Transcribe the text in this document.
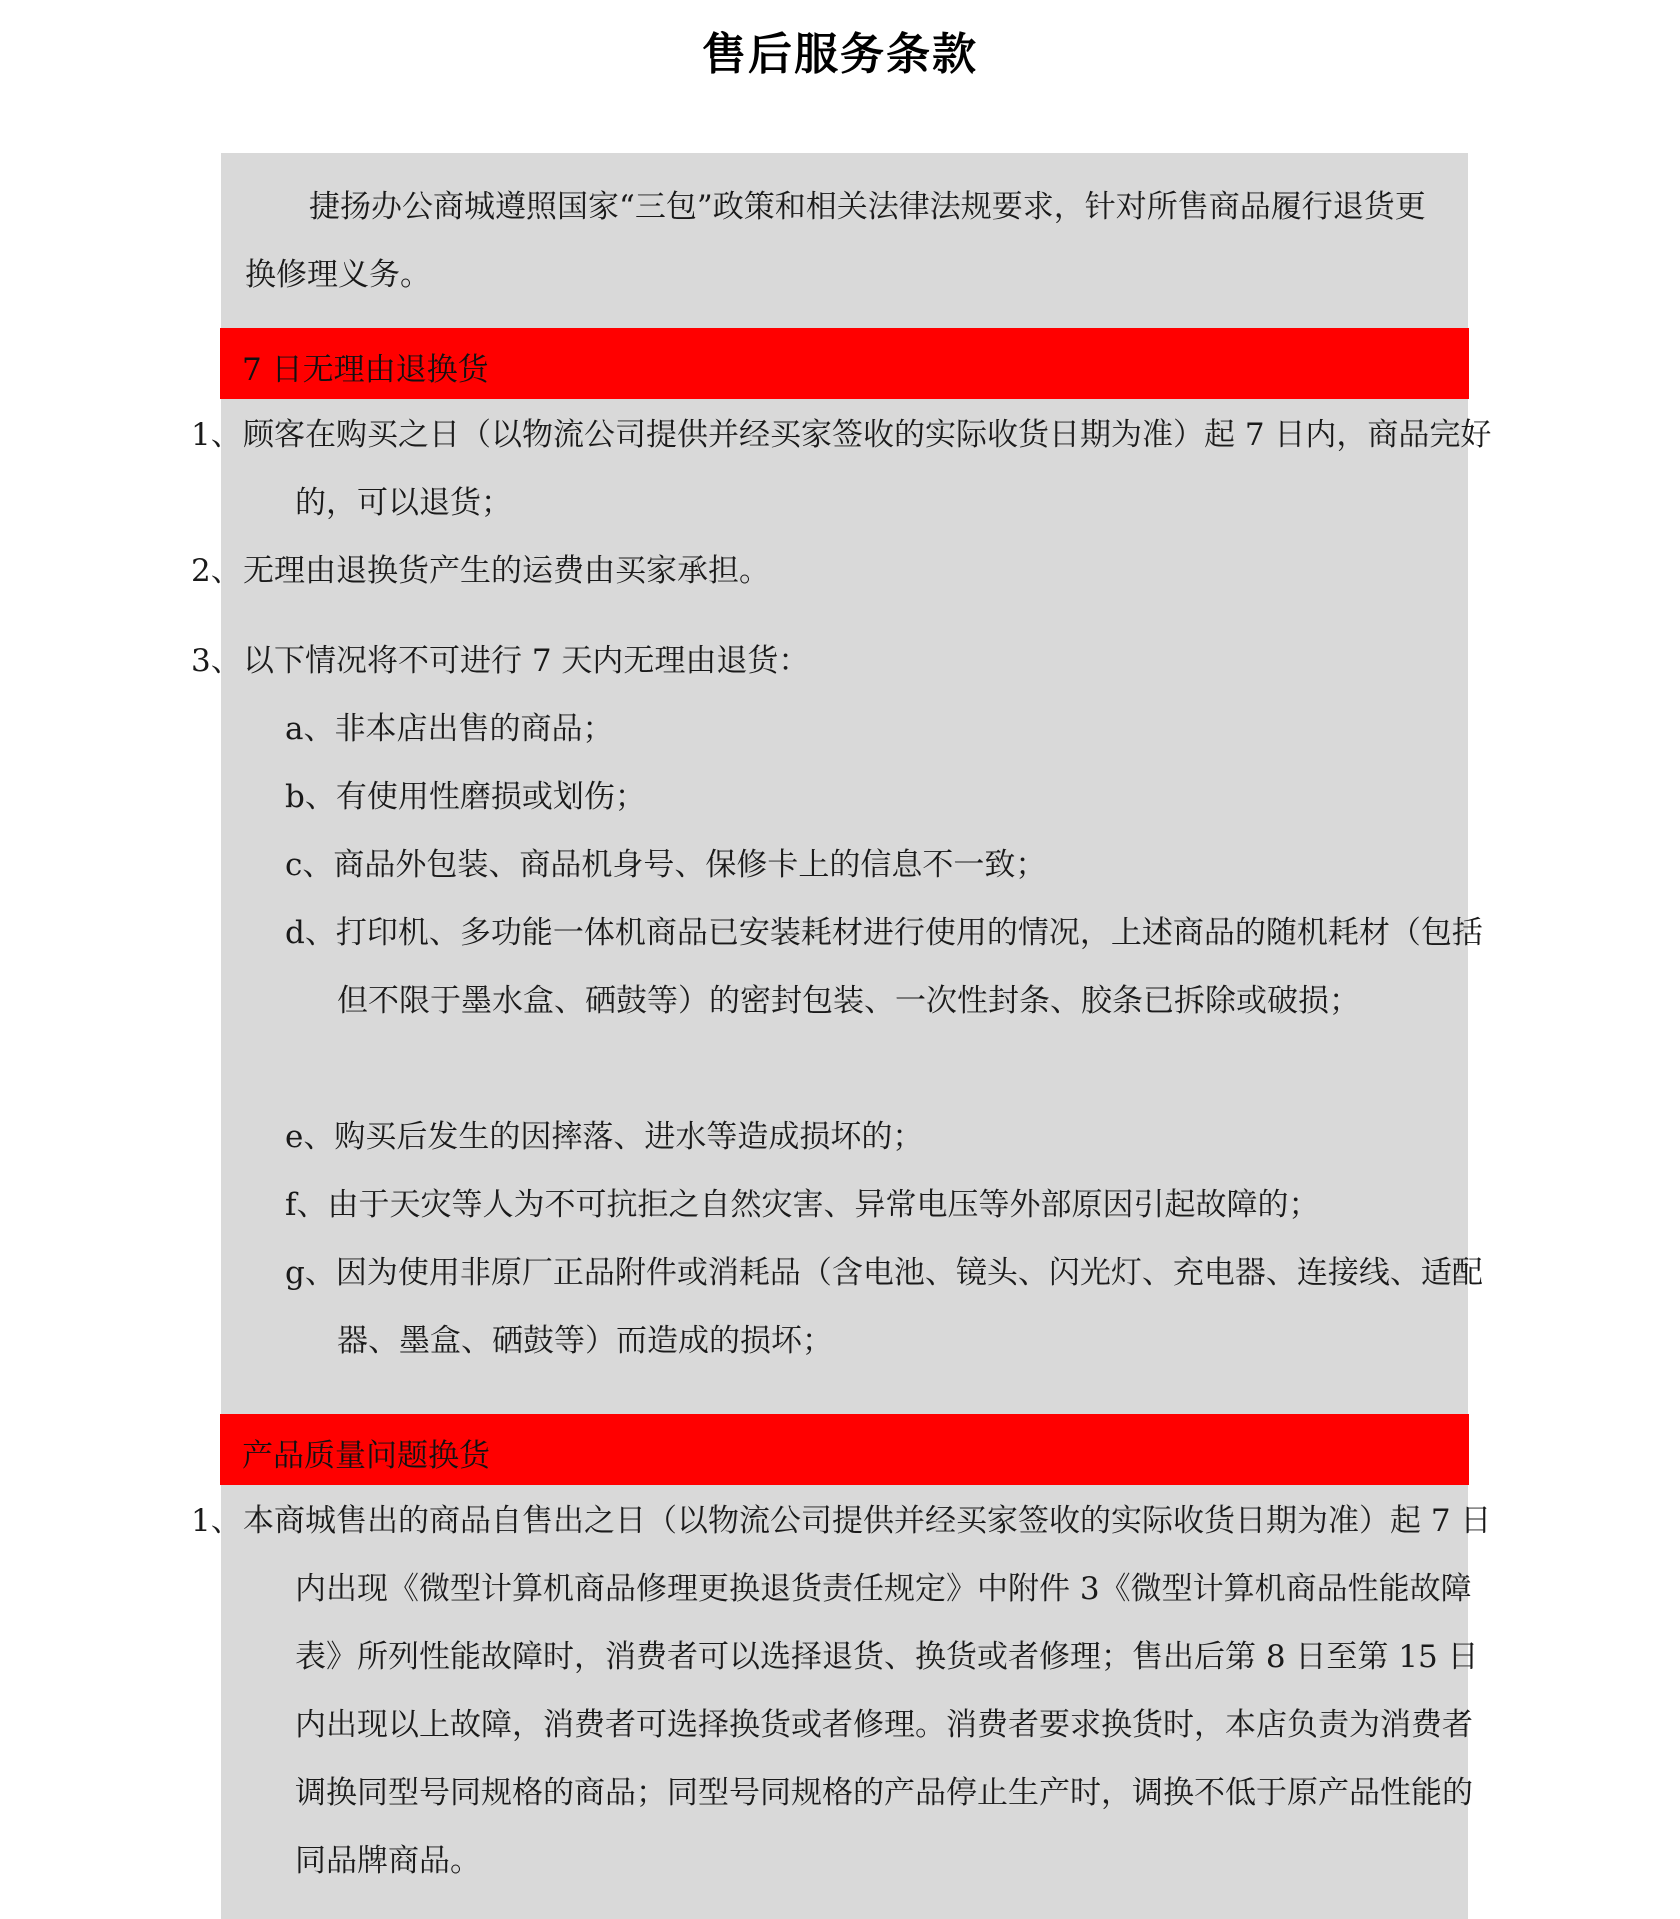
售后服务条款
捷扬办公商城遵照国家“三包”政策和相关法律法规要求，针对所售商品履行退货更换修理义务。
7 日无理由退换货
1、顾客在购买之日（以物流公司提供并经买家签收的实际收货日期为准）起 7 日内，商品完好的，可以退货；
2、无理由退换货产生的运费由买家承担。
3、以下情况将不可进行 7 天内无理由退货：
a、非本店出售的商品；
b、有使用性磨损或划伤；
c、商品外包装、商品机身号、保修卡上的信息不一致；
d、打印机、多功能一体机商品已安装耗材进行使用的情况，上述商品的随机耗材（包括但不限于墨水盒、硒鼓等）的密封包装、一次性封条、胶条已拆除或破损；
e、购买后发生的因摔落、进水等造成损坏的；
f、由于天灾等人为不可抗拒之自然灾害、异常电压等外部原因引起故障的；
g、因为使用非原厂正品附件或消耗品（含电池、镜头、闪光灯、充电器、连接线、适配器、墨盒、硒鼓等）而造成的损坏；
产品质量问题换货
1、本商城售出的商品自售出之日（以物流公司提供并经买家签收的实际收货日期为准）起 7 日内出现《微型计算机商品修理更换退货责任规定》中附件 3《微型计算机商品性能故障表》所列性能故障时，消费者可以选择退货、换货或者修理；售出后第 8 日至第 15 日内出现以上故障，消费者可选择换货或者修理。消费者要求换货时，本店负责为消费者调换同型号同规格的商品；同型号同规格的产品停止生产时，调换不低于原产品性能的同品牌商品。
